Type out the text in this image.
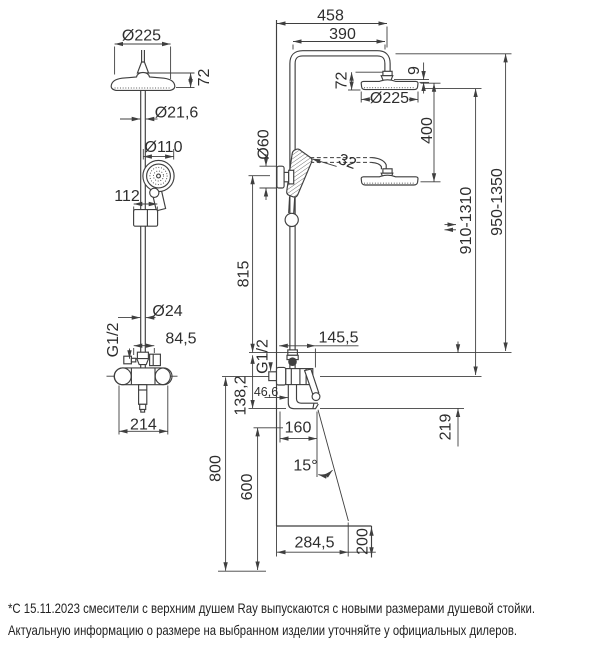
Ø225
72
Ø21,6
Ø110
112
Ø24
G1/2	84,5
214
458
390
72
9
Ø225
400
Ø60
32
815
910-1310 950-1350
G1/2
145,5
46,6
138,2
219
160
15°
284,5 200
800
600
*С 15.11.2023 смесители с верхним душем Ray выпускаются с новыми размерами душевой стойки.
Актуальную информацию о размере на выбранном изделии уточняйте у официальных дилеров.
